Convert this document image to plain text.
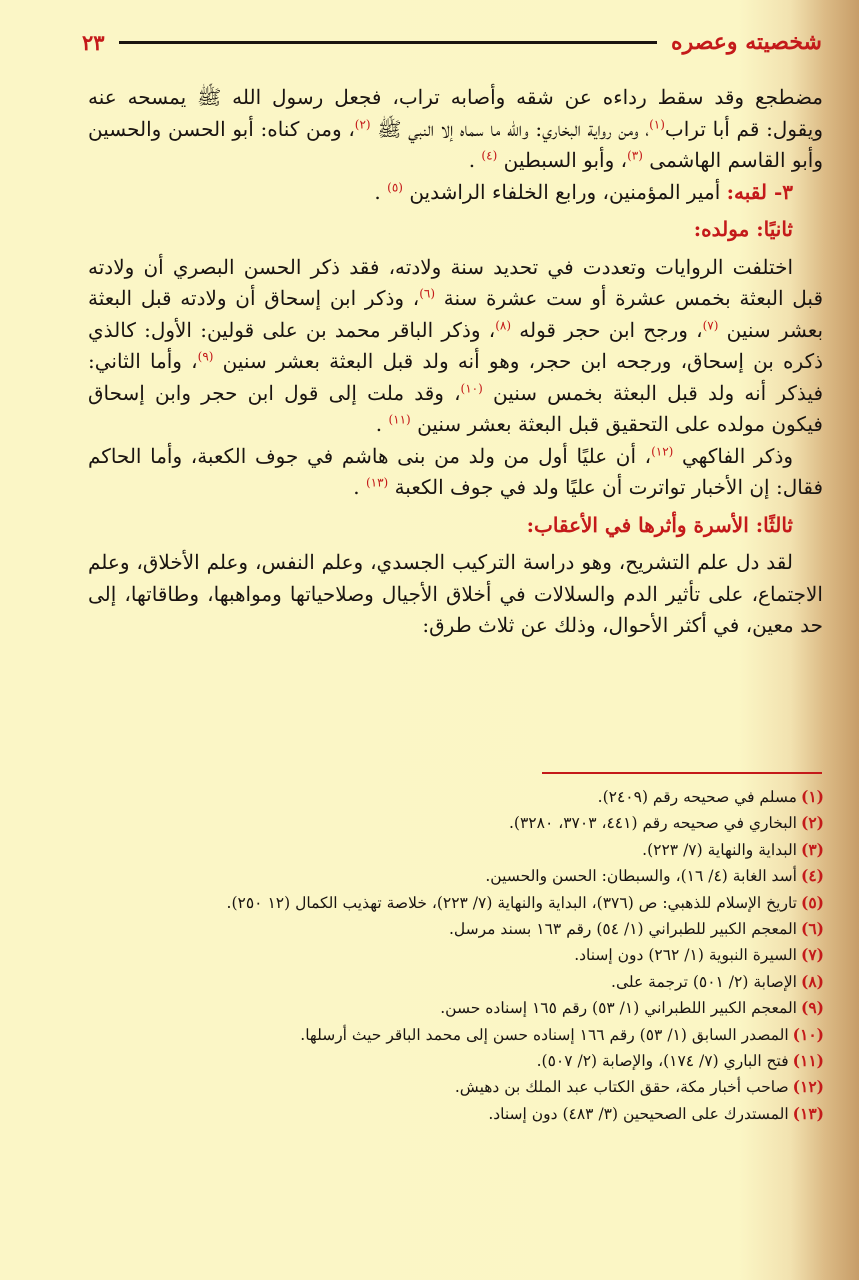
شخصيته وعصره
٢٣

مضطجع وقد سقط رداءه عن شقه وأصابه تراب، فجعل رسول الله ﷺ يمسحه عنه ويقول: قم أبا تراب$^{(١)}$، ومن رواية البخاري: والله ما سماه إلا النبي ﷺ $^{(٢)}$، ومن كناه: أبو الحسن والحسين وأبو القاسم الهاشمى $^{(٣)}$، وأبو السبطين $^{(٤)}$ .

٣- لقبه: أمير المؤمنين، ورابع الخلفاء الراشدين $^{(٥)}$ .

ثانيًا: مولده:

اختلفت الروايات وتعددت في تحديد سنة ولادته، فقد ذكر الحسن البصري أن ولادته قبل البعثة بخمس عشرة أو ست عشرة سنة $^{(٦)}$، وذكر ابن إسحاق أن ولادته قبل البعثة بعشر سنين $^{(٧)}$، ورجح ابن حجر قوله $^{(٨)}$، وذكر الباقر محمد بن على قولين: الأول: كالذي ذكره بن إسحاق، ورجحه ابن حجر، وهو أنه ولد قبل البعثة بعشر سنين $^{(٩)}$، وأما الثاني: فيذكر أنه ولد قبل البعثة بخمس سنين $^{(١٠)}$، وقد ملت إلى قول ابن حجر وابن إسحاق فيكون مولده على التحقيق قبل البعثة بعشر سنين $^{(١١)}$ .

وذكر الفاكهي $^{(١٢)}$، أن عليًا أول من ولد من بنى هاشم في جوف الكعبة، وأما الحاكم فقال: إن الأخبار تواترت أن عليًا ولد في جوف الكعبة $^{(١٣)}$ .

ثالثًا: الأسرة وأثرها في الأعقاب:

لقد دل علم التشريح، وهو دراسة التركيب الجسدي، وعلم النفس، وعلم الأخلاق، وعلم الاجتماع، على تأثير الدم والسلالات في أخلاق الأجيال وصلاحياتها ومواهبها، وطاقاتها، إلى حد معين، في أكثر الأحوال، وذلك عن ثلاث طرق:

(١)مسلم في صحيحه رقم (٢٤٠٩).
(٢)البخاري في صحيحه رقم (٤٤١، ٣٧٠٣، ٣٢٨٠).
(٣)البداية والنهاية (٧/ ٢٢٣).
(٤)أسد الغابة (٤/ ١٦)، والسبطان: الحسن والحسين.
(٥)تاريخ الإسلام للذهبي: ص (٣٧٦)، البداية والنهاية (٧/ ٢٢٣)، خلاصة تهذيب الكمال (١٢ ٢٥٠).
(٦)المعجم الكبير للطبراني (١/ ٥٤) رقم ١٦٣ بسند مرسل.
(٧)السيرة النبوية (١/ ٢٦٢) دون إسناد.
(٨)الإصابة (٢/ ٥٠١) ترجمة على.
(٩)المعجم الكبير اللطبراني (١/ ٥٣) رقم ١٦٥ إسناده حسن.
(١٠)المصدر السابق (١/ ٥٣) رقم ١٦٦ إسناده حسن إلى محمد الباقر حيث أرسلها.
(١١)فتح الباري (٧/ ١٧٤)، والإصابة (٢/ ٥٠٧).
(١٢)صاحب أخبار مكة، حقق الكتاب عبد الملك بن دهيش.
(١٣)المستدرك على الصحيحين (٣/ ٤٨٣) دون إسناد.
